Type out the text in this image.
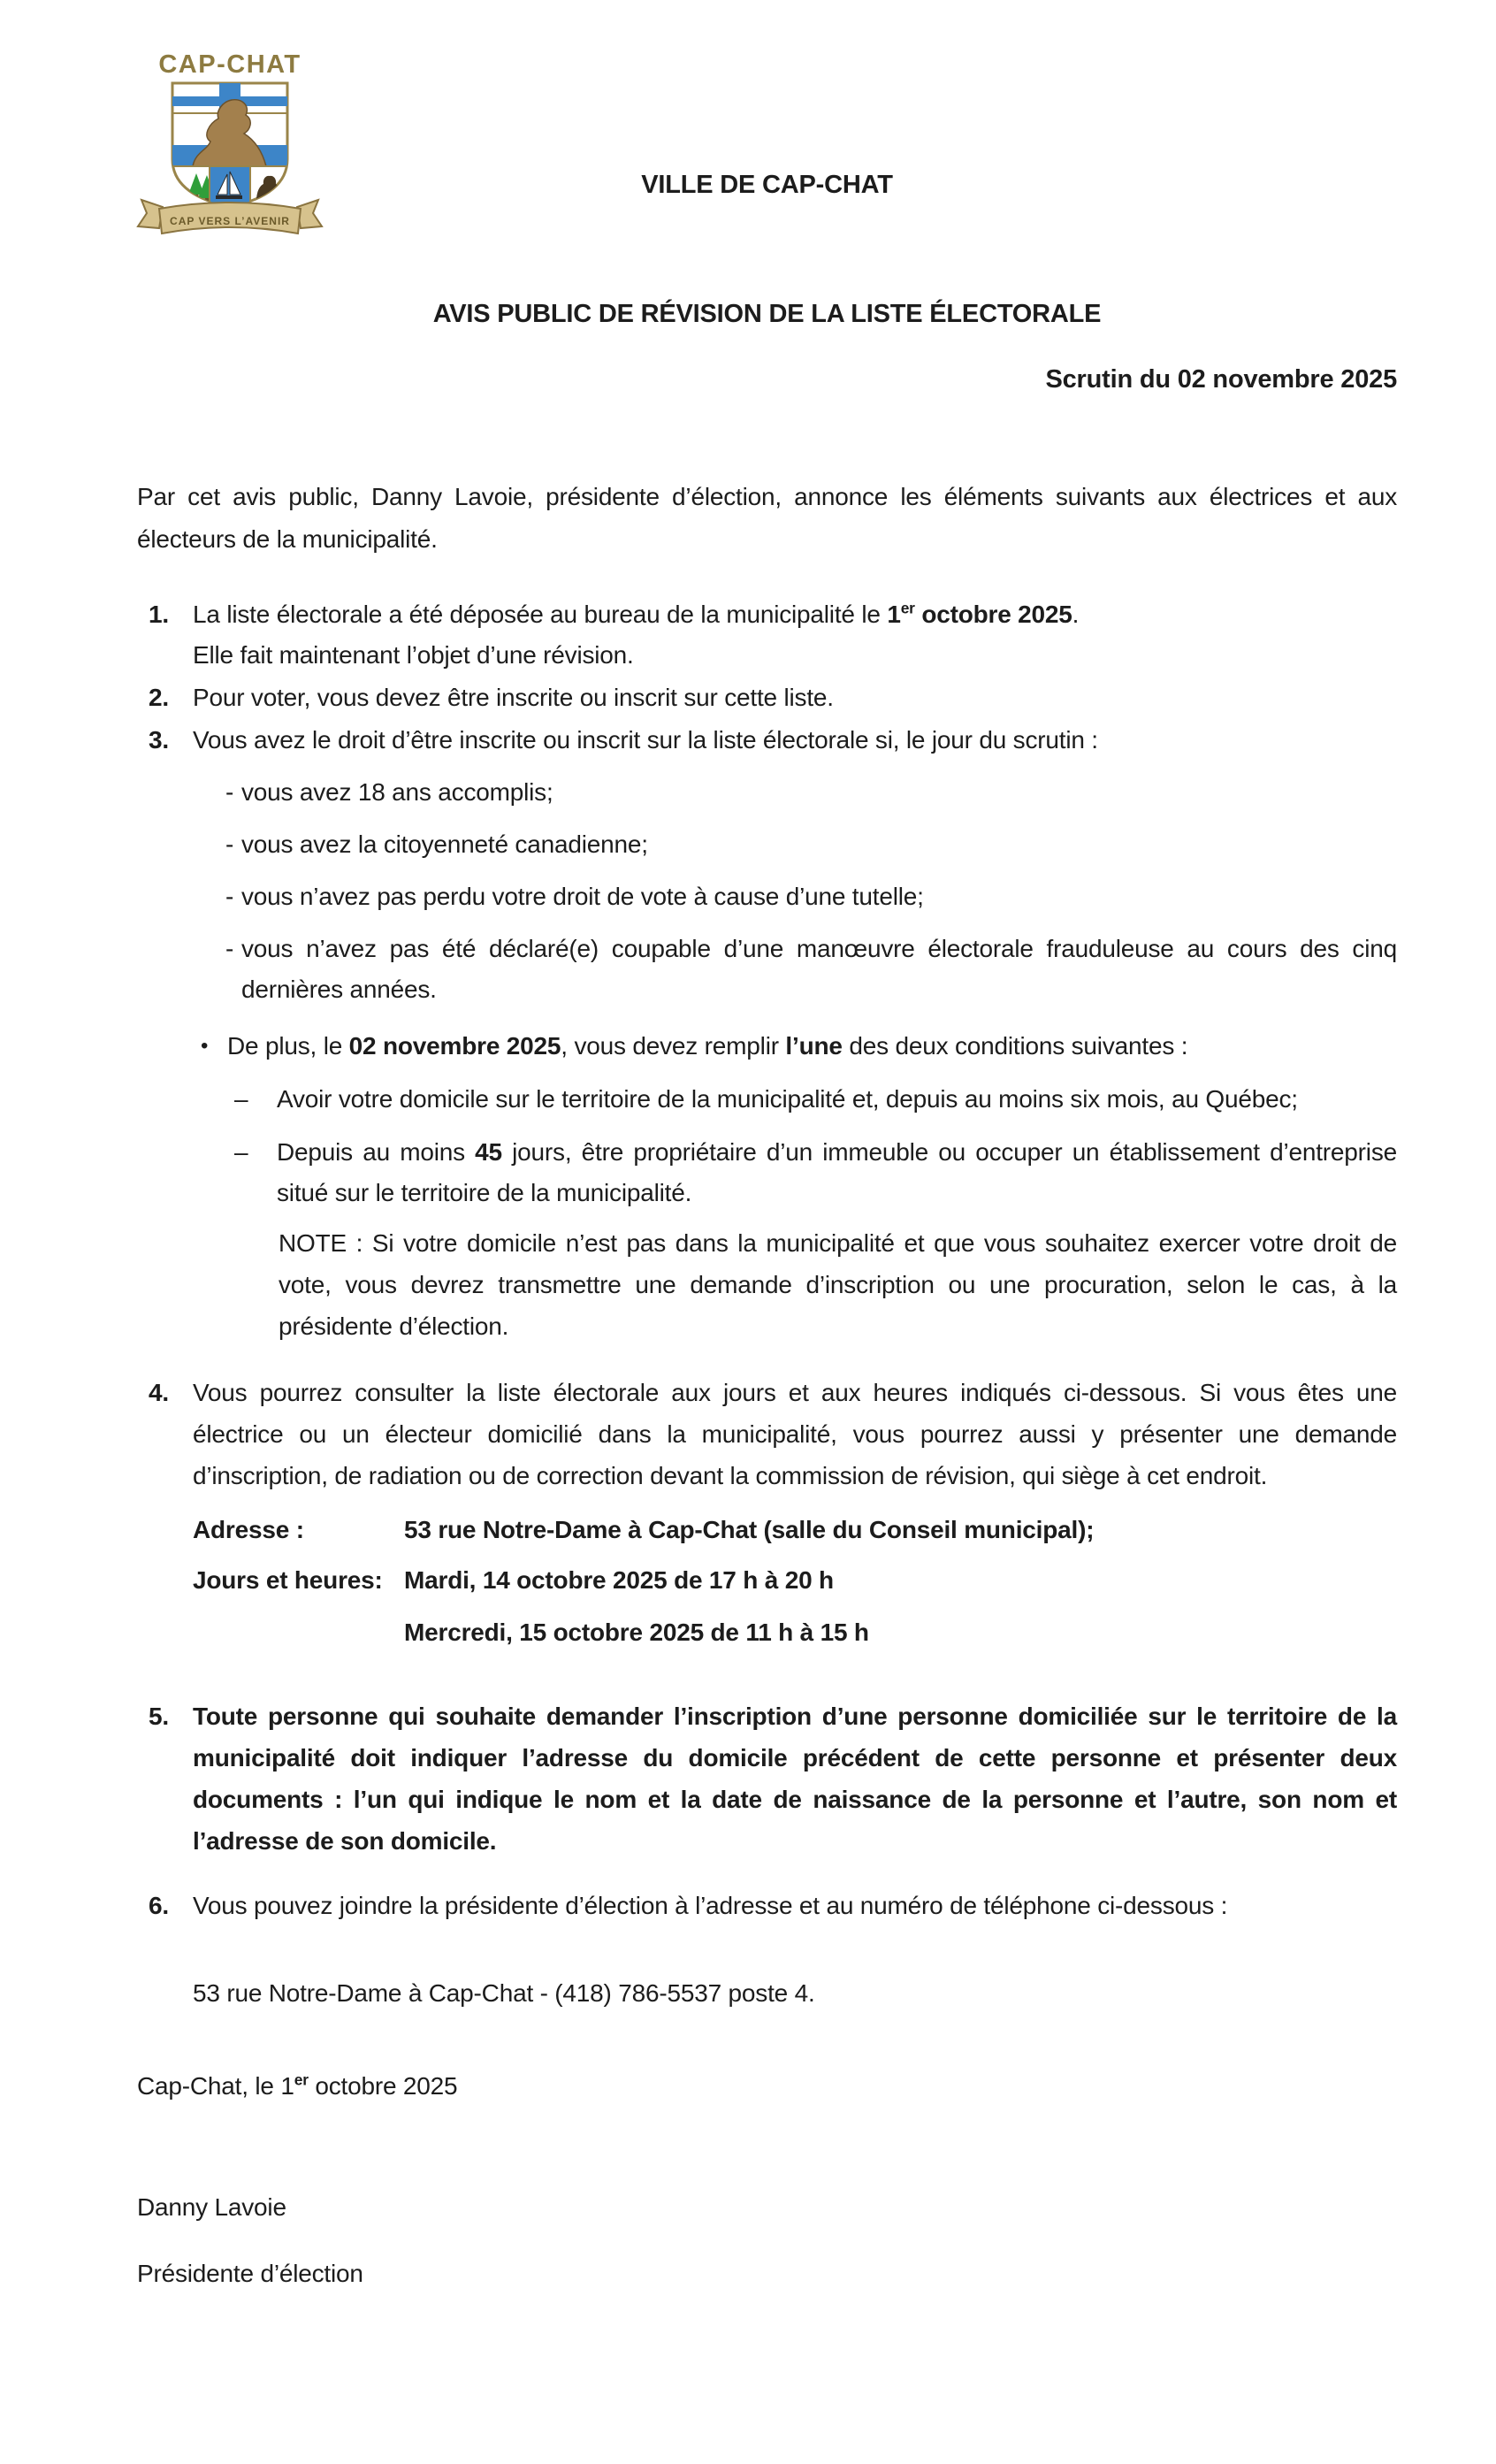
CAP-CHAT
CAP VERS L’AVENIR
VILLE DE CAP-CHAT
AVIS PUBLIC DE RÉVISION DE LA LISTE ÉLECTORALE
Scrutin du 02 novembre 2025

Par cet avis public, Danny Lavoie, présidente d’élection, annonce les éléments suivants aux électrices et aux électeurs de la municipalité.

1. La liste électorale a été déposée au bureau de la municipalité le 1er octobre 2025.
Elle fait maintenant l’objet d’une révision.
2. Pour voter, vous devez être inscrite ou inscrit sur cette liste.
3. Vous avez le droit d’être inscrite ou inscrit sur la liste électorale si, le jour du scrutin :
- vous avez 18 ans accomplis;
- vous avez la citoyenneté canadienne;
- vous n’avez pas perdu votre droit de vote à cause d’une tutelle;
- vous n’avez pas été déclaré(e) coupable d’une manœuvre électorale frauduleuse au cours des cinq dernières années.
• De plus, le 02 novembre 2025, vous devez remplir l’une des deux conditions suivantes :
–	Avoir votre domicile sur le territoire de la municipalité et, depuis au moins six mois, au Québec;
–	Depuis au moins 45 jours, être propriétaire d’un immeuble ou occuper un établissement d’entreprise situé sur le territoire de la municipalité.

NOTE : Si votre domicile n’est pas dans la municipalité et que vous souhaitez exercer votre droit de vote, vous devrez transmettre une demande d’inscription ou une procuration, selon le cas, à la présidente d’élection.

4. Vous pourrez consulter la liste électorale aux jours et aux heures indiqués ci-dessous. Si vous êtes une électrice ou un électeur domicilié dans la municipalité, vous pourrez aussi y présenter une demande d’inscription, de radiation ou de correction devant la commission de révision, qui siège à cet endroit.
Adresse :	53 rue Notre-Dame à Cap-Chat (salle du Conseil municipal);
Jours et heures: Mardi, 14 octobre 2025 de 17 h à 20 h
Mercredi, 15 octobre 2025 de 11 h à 15 h
5. Toute personne qui souhaite demander l’inscription d’une personne domiciliée sur le territoire de la municipalité doit indiquer l’adresse du domicile précédent de cette personne et présenter deux documents : l’un qui indique le nom et la date de naissance de la personne et l’autre, son nom et l’adresse de son domicile.
6. Vous pouvez joindre la présidente d’élection à l’adresse et au numéro de téléphone ci-dessous :

53 rue Notre-Dame à Cap-Chat - (418) 786-5537 poste 4.

Cap-Chat, le 1er octobre 2025

Danny Lavoie

Présidente d’élection
